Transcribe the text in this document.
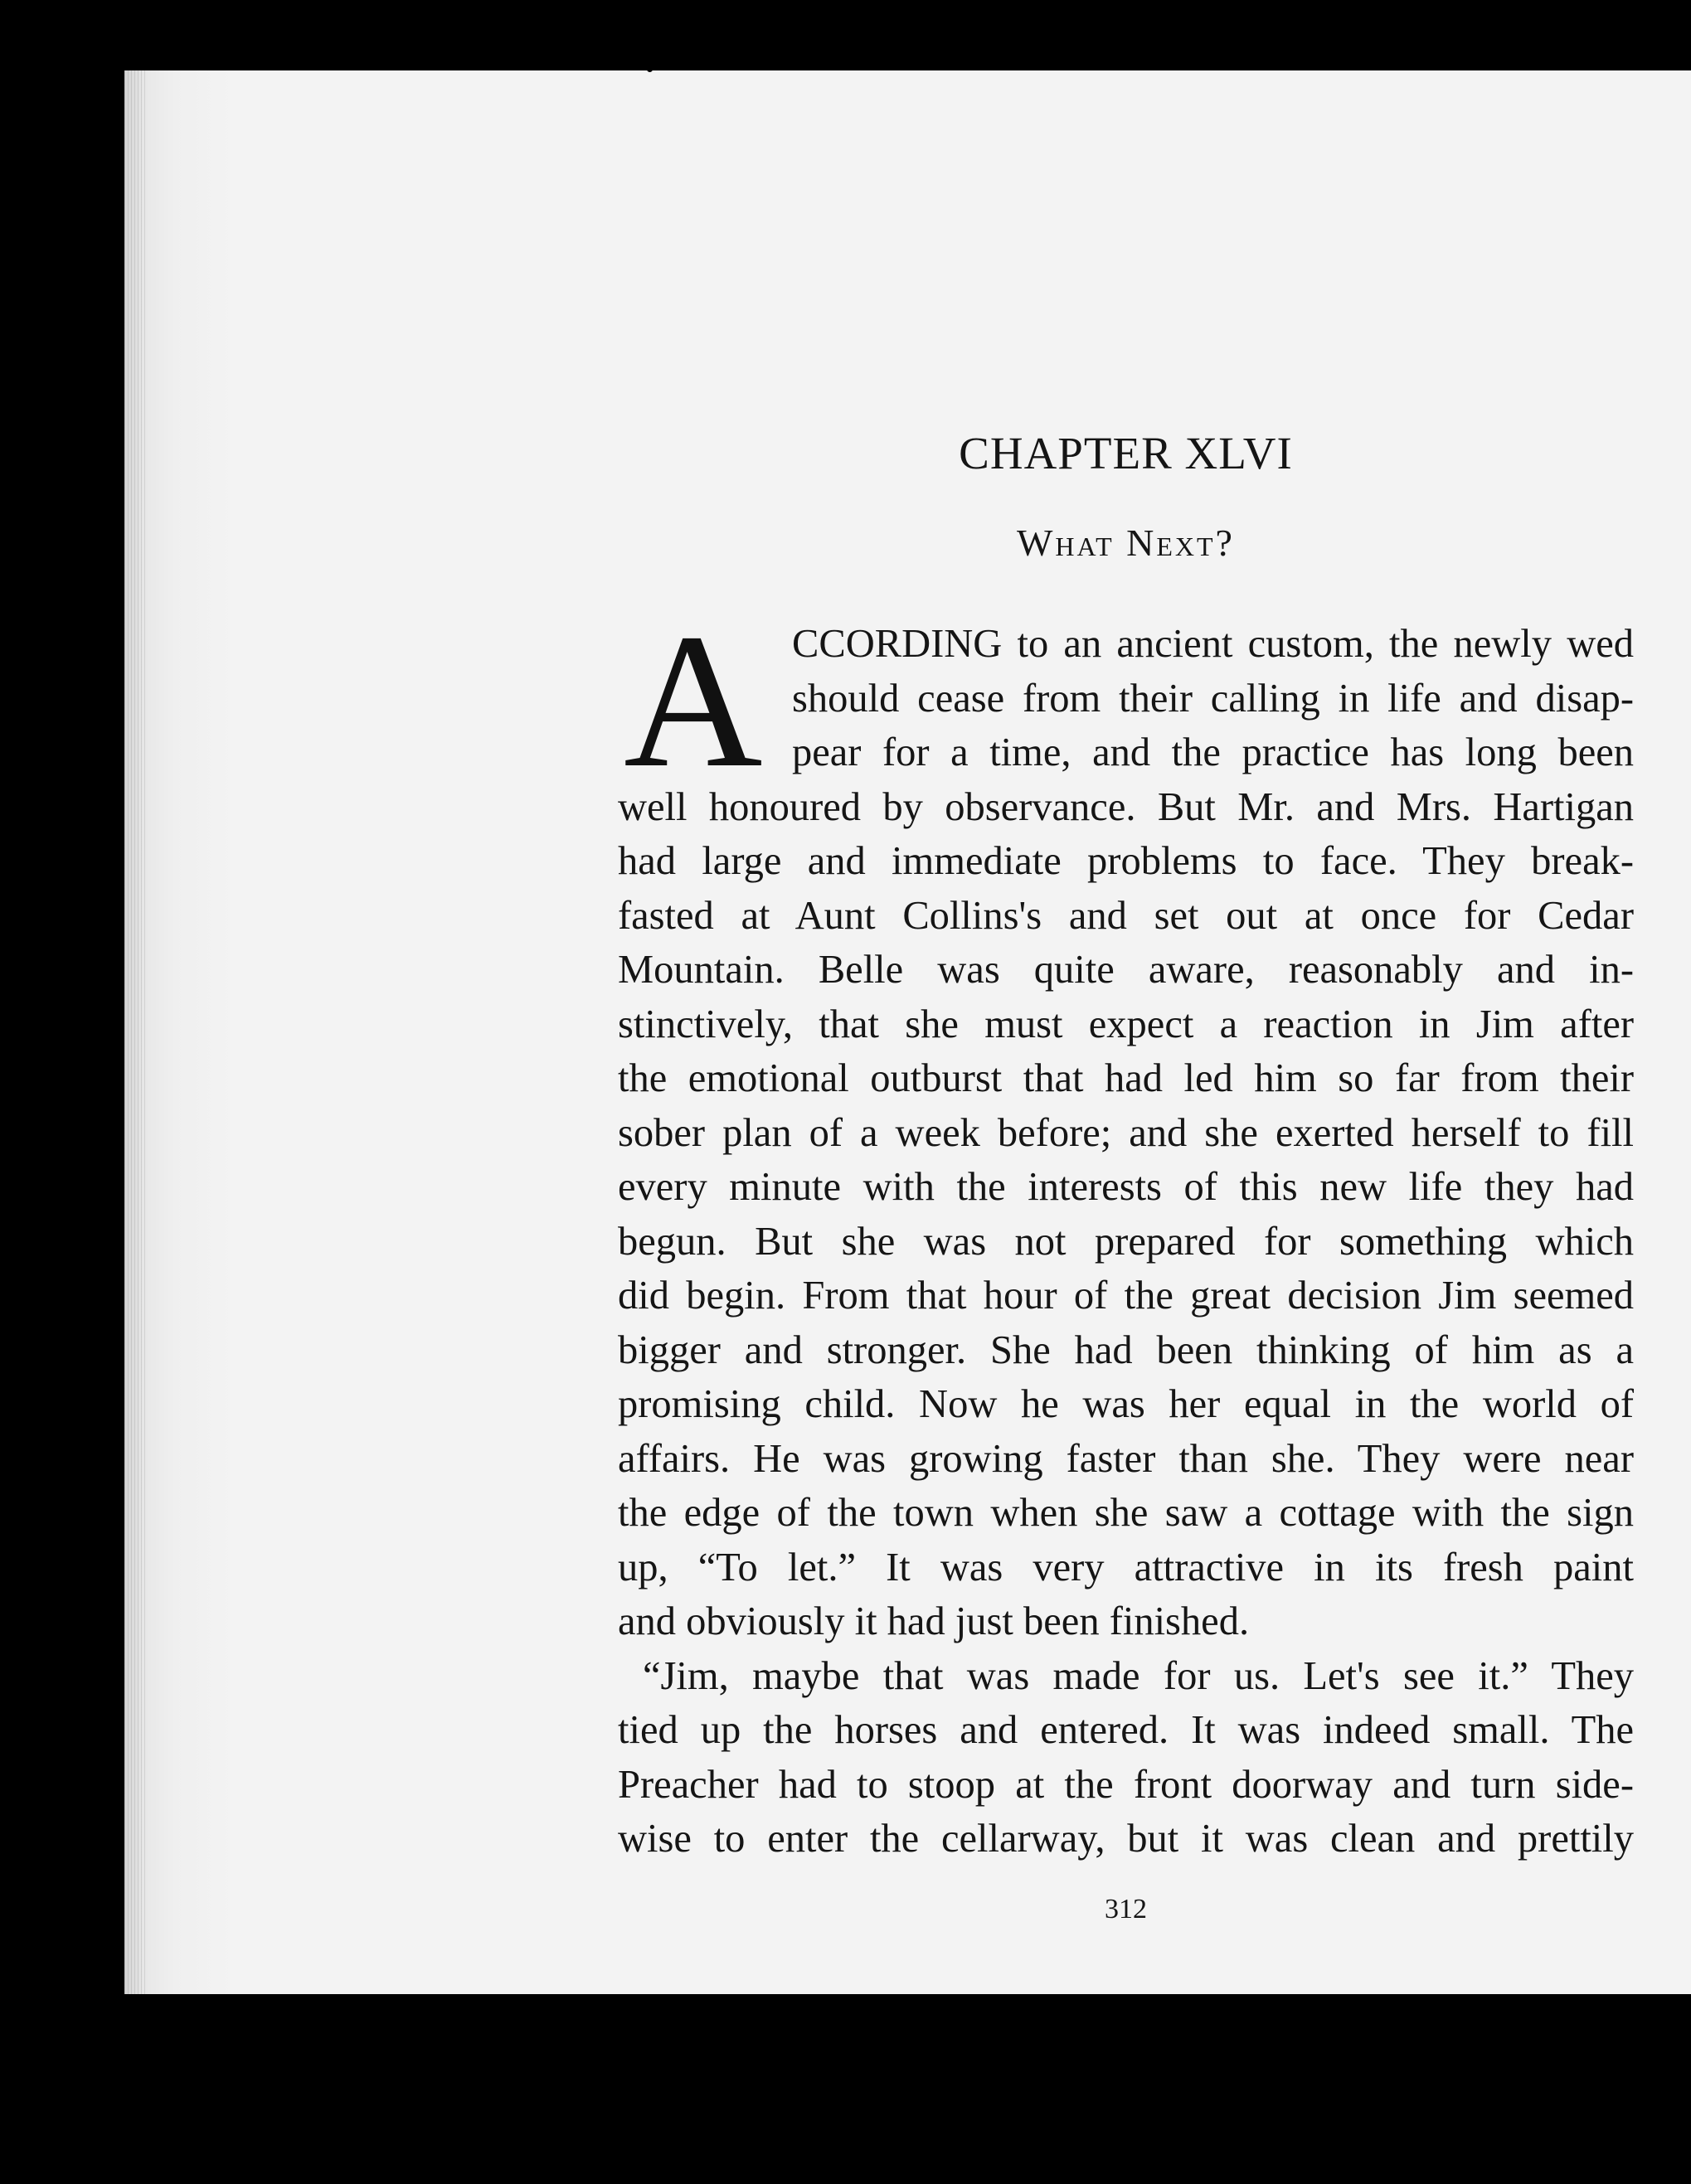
CHAPTER XLVI
What Next?
A CCORDING to an ancient custom, the newly wed
should cease from their calling in life and disap-
pear for a time, and the practice has long been
well honoured by observance. But Mr. and Mrs. Hartigan
had large and immediate problems to face. They break-
fasted at Aunt Collins's and set out at once for Cedar
Mountain. Belle was quite aware, reasonably and in-
stinctively, that she must expect a reaction in Jim after
the emotional outburst that had led him so far from their
sober plan of a week before; and she exerted herself to fill
every minute with the interests of this new life they had
begun. But she was not prepared for something which
did begin. From that hour of the great decision Jim seemed
bigger and stronger. She had been thinking of him as a
promising child. Now he was her equal in the world of
affairs. He was growing faster than she. They were near
the edge of the town when she saw a cottage with the sign
up, “To let.” It was very attractive in its fresh paint
and obviously it had just been finished.
“Jim, maybe that was made for us. Let's see it.” They
tied up the horses and entered. It was indeed small. The
Preacher had to stoop at the front doorway and turn side-
wise to enter the cellarway, but it was clean and prettily
312
